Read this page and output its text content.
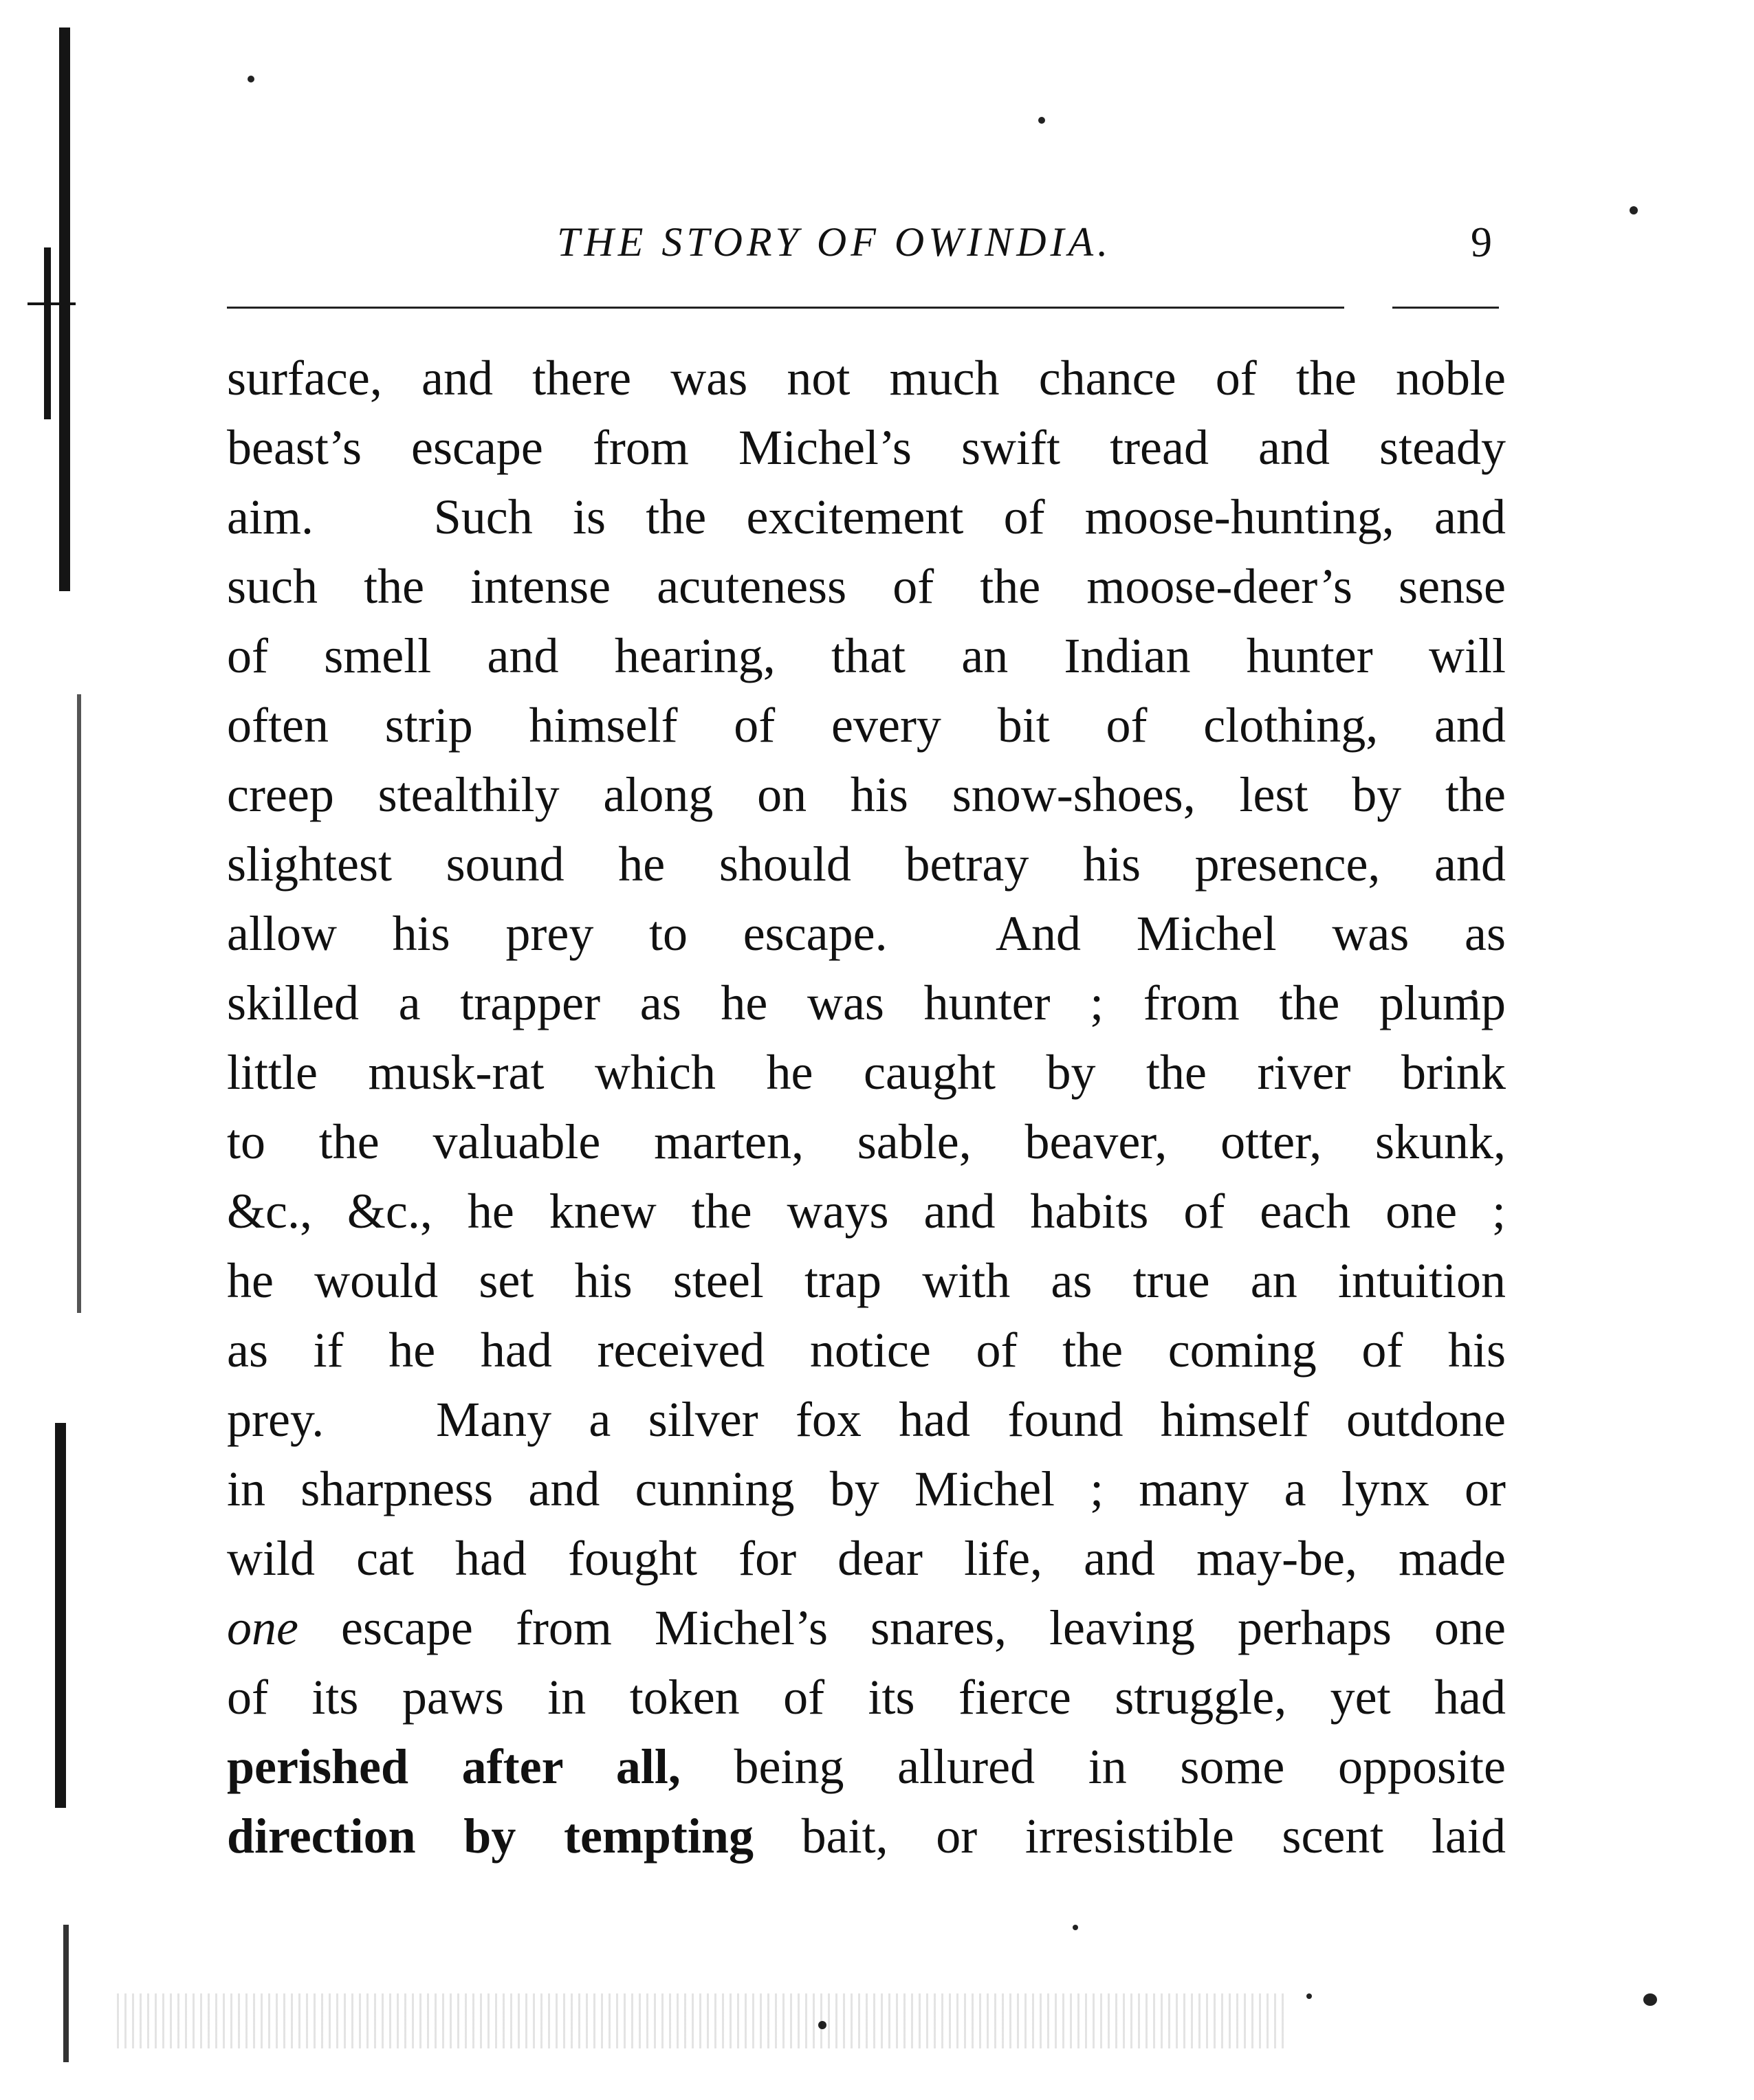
THE STORY OF OWINDIA.	9
surface, and there was not much chance of the noble
beast’s escape from Michel’s swift tread and steady
aim.   Such is the excitement of moose-hunting, and
such the intense acuteness of the moose-deer’s sense
of smell and hearing, that an Indian hunter will
often strip himself of every bit of clothing, and
creep stealthily along on his snow-shoes, lest by the
slightest sound he should betray his presence, and
allow his prey to escape.  And Michel was as
skilled a trapper as he was hunter ; from the plump
little musk-rat which he caught by the river brink
to the valuable marten, sable, beaver, otter, skunk,
&c., &c., he knew the ways and habits of each one ;
he would set his steel trap with as true an intuition
as if he had received notice of the coming of his
prey.   Many a silver fox had found himself outdone
in sharpness and cunning by Michel ; many a lynx or
wild cat had fought for dear life, and may-be, made
one escape from Michel’s snares, leaving perhaps one
of its paws in token of its fierce struggle, yet had
perished after all, being allured in some opposite
direction by tempting bait, or irresistible scent laid
